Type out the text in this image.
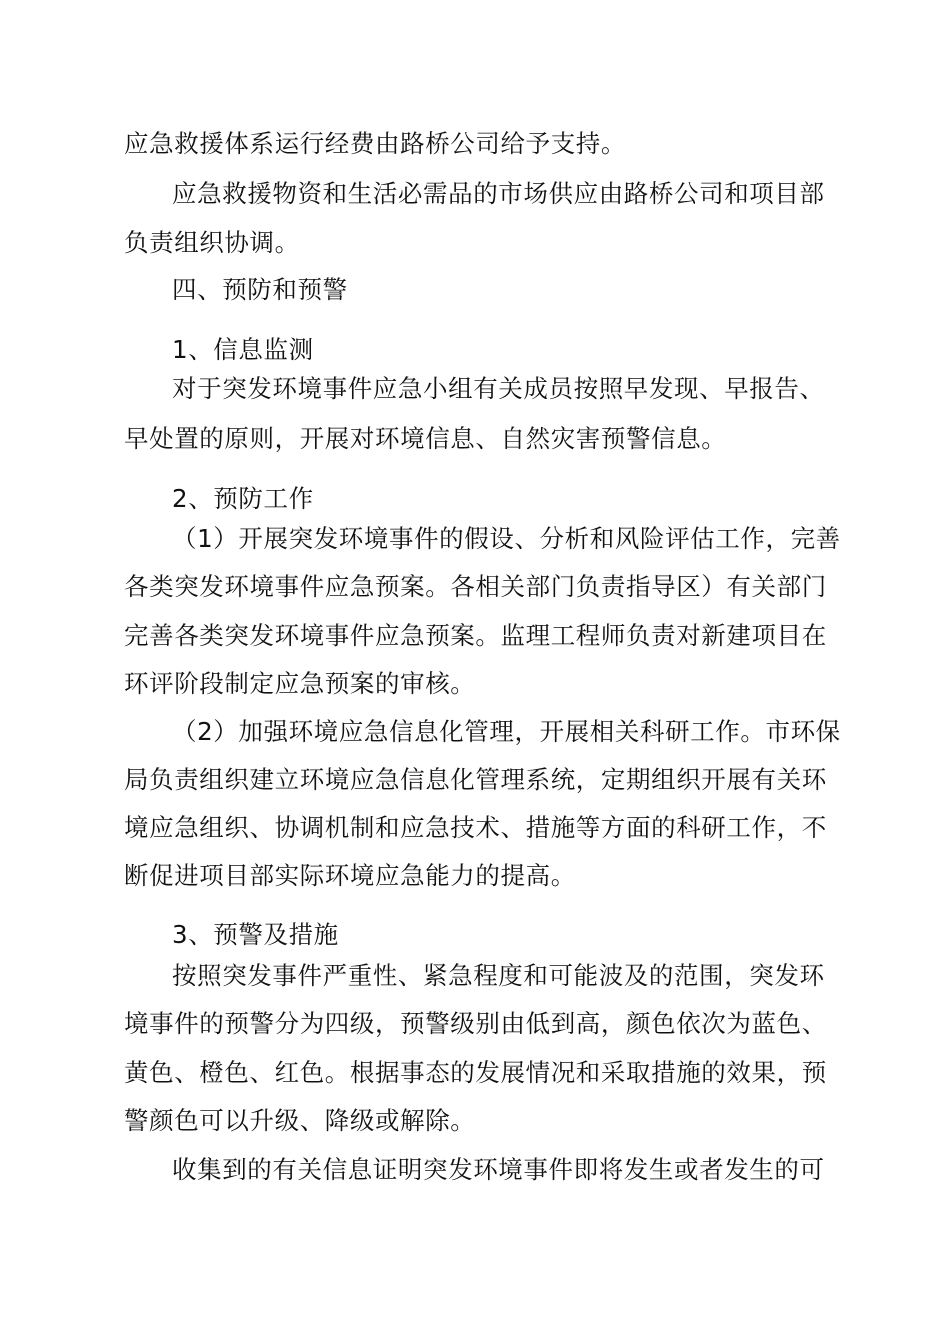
应急救援体系运行经费由路桥公司给予支持。
应急救援物资和生活必需品的市场供应由路桥公司和项目部
负责组织协调。
四、预防和预警
1、信息监测
对于突发环境事件应急小组有关成员按照早发现、早报告、
早处置的原则，开展对环境信息、自然灾害预警信息。
2、预防工作
（1）开展突发环境事件的假设、分析和风险评估工作，完善
各类突发环境事件应急预案。各相关部门负责指导区）有关部门
完善各类突发环境事件应急预案。监理工程师负责对新建项目在
环评阶段制定应急预案的审核。
（2）加强环境应急信息化管理，开展相关科研工作。市环保
局负责组织建立环境应急信息化管理系统，定期组织开展有关环
境应急组织、协调机制和应急技术、措施等方面的科研工作，不
断促进项目部实际环境应急能力的提高。
3、预警及措施
按照突发事件严重性、紧急程度和可能波及的范围，突发环
境事件的预警分为四级，预警级别由低到高，颜色依次为蓝色、
黄色、橙色、红色。根据事态的发展情况和采取措施的效果，预
警颜色可以升级、降级或解除。
收集到的有关信息证明突发环境事件即将发生或者发生的可
